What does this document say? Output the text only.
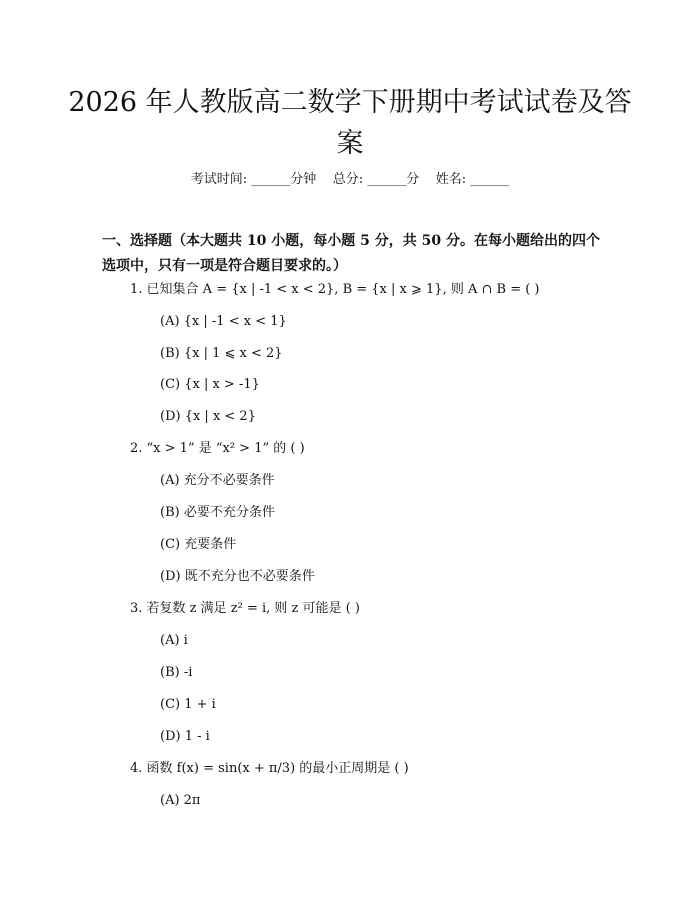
2026 年人教版高二数学下册期中考试试卷及答案
考试时间: ______分钟    总分: ______分    姓名: ______

一、选择题（本大题共 10 小题，每小题 5 分，共 50 分。在每小题给出的四个选项中，只有一项是符合题目要求的。）

1. 已知集合 A = {x | -1 < x < 2}, B = {x | x ⩾ 1}, 则 A ∩ B = ( )
(A) {x | -1 < x < 1}
(B) {x | 1 ⩽ x < 2}
(C) {x | x > -1}
(D) {x | x < 2}
2. “x > 1” 是 “x² > 1” 的 ( )
(A) 充分不必要条件
(B) 必要不充分条件
(C) 充要条件
(D) 既不充分也不必要条件
3. 若复数 z 满足 z² = i, 则 z 可能是 ( )
(A) i
(B) -i
(C) 1 + i
(D) 1 - i
4. 函数 f(x) = sin(x + π/3) 的最小正周期是 ( )
(A) 2π
